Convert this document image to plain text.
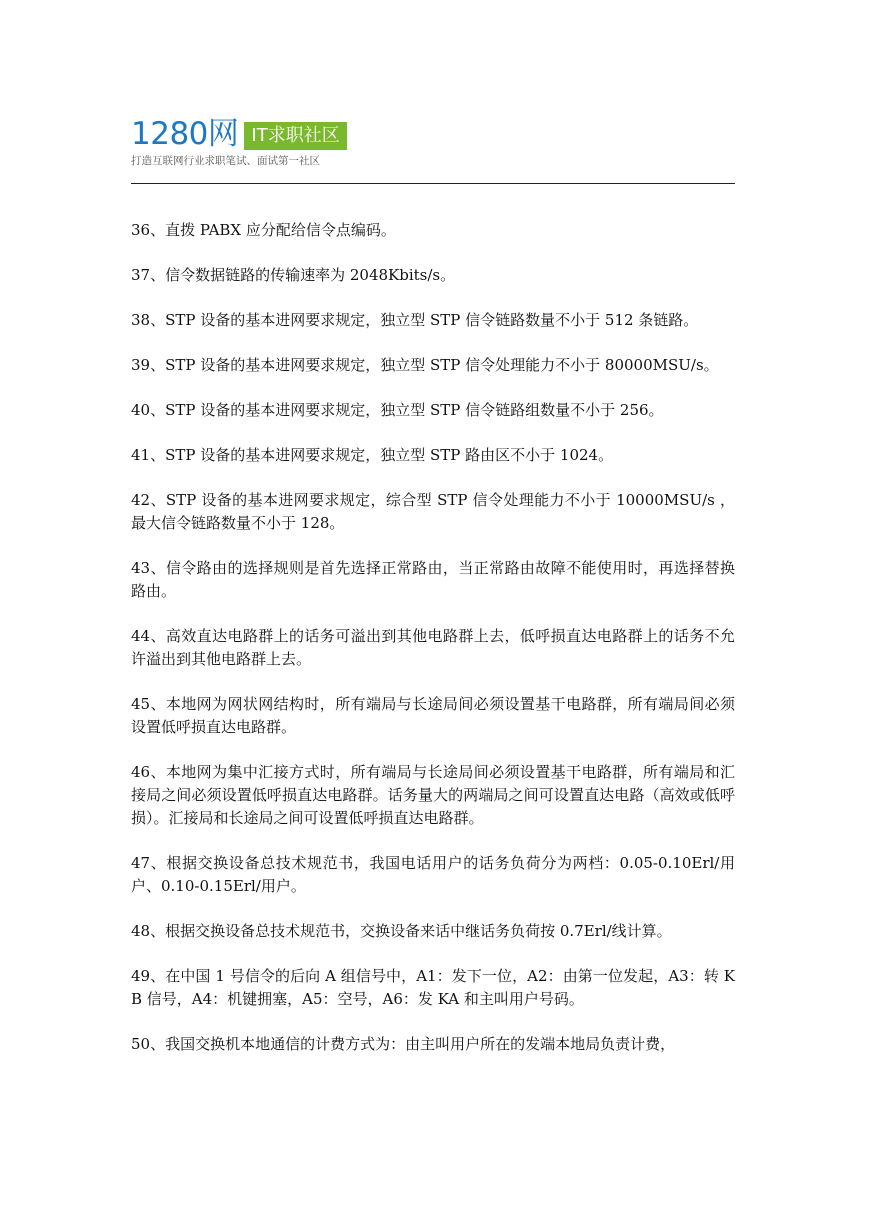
1280网 IT求职社区
打造互联网行业求职笔试、面试第一社区

36、直拨 PABX 应分配给信令点编码。

37、信令数据链路的传输速率为 2048Kbits/s。

38、STP 设备的基本进网要求规定，独立型 STP 信令链路数量不小于 512 条链路。

39、STP 设备的基本进网要求规定，独立型 STP 信令处理能力不小于 80000MSU/s。

40、STP 设备的基本进网要求规定，独立型 STP 信令链路组数量不小于 256。

41、STP 设备的基本进网要求规定，独立型 STP 路由区不小于 1024。

42、STP 设备的基本进网要求规定，综合型 STP 信令处理能力不小于 10000MSU/s ，最大信令链路数量不小于 128。

43、信令路由的选择规则是首先选择正常路由，当正常路由故障不能使用时，再选择替换路由。

44、高效直达电路群上的话务可溢出到其他电路群上去，低呼损直达电路群上的话务不允许溢出到其他电路群上去。

45、本地网为网状网结构时，所有端局与长途局间必须设置基干电路群，所有端局间必须设置低呼损直达电路群。

46、本地网为集中汇接方式时，所有端局与长途局间必须设置基干电路群，所有端局和汇接局之间必须设置低呼损直达电路群。话务量大的两端局之间可设置直达电路（高效或低呼损）。汇接局和长途局之间可设置低呼损直达电路群。

47、根据交换设备总技术规范书，我国电话用户的话务负荷分为两档：0.05-0.10Erl/用户、0.10-0.15Erl/用户。

48、根据交换设备总技术规范书，交换设备来话中继话务负荷按 0.7Erl/线计算。

49、在中国 1 号信令的后向 A 组信号中，A1：发下一位，A2：由第一位发起，A3：转 KB 信号，A4：机键拥塞，A5：空号，A6：发 KA 和主叫用户号码。

50、我国交换机本地通信的计费方式为：由主叫用户所在的发端本地局负责计费，
